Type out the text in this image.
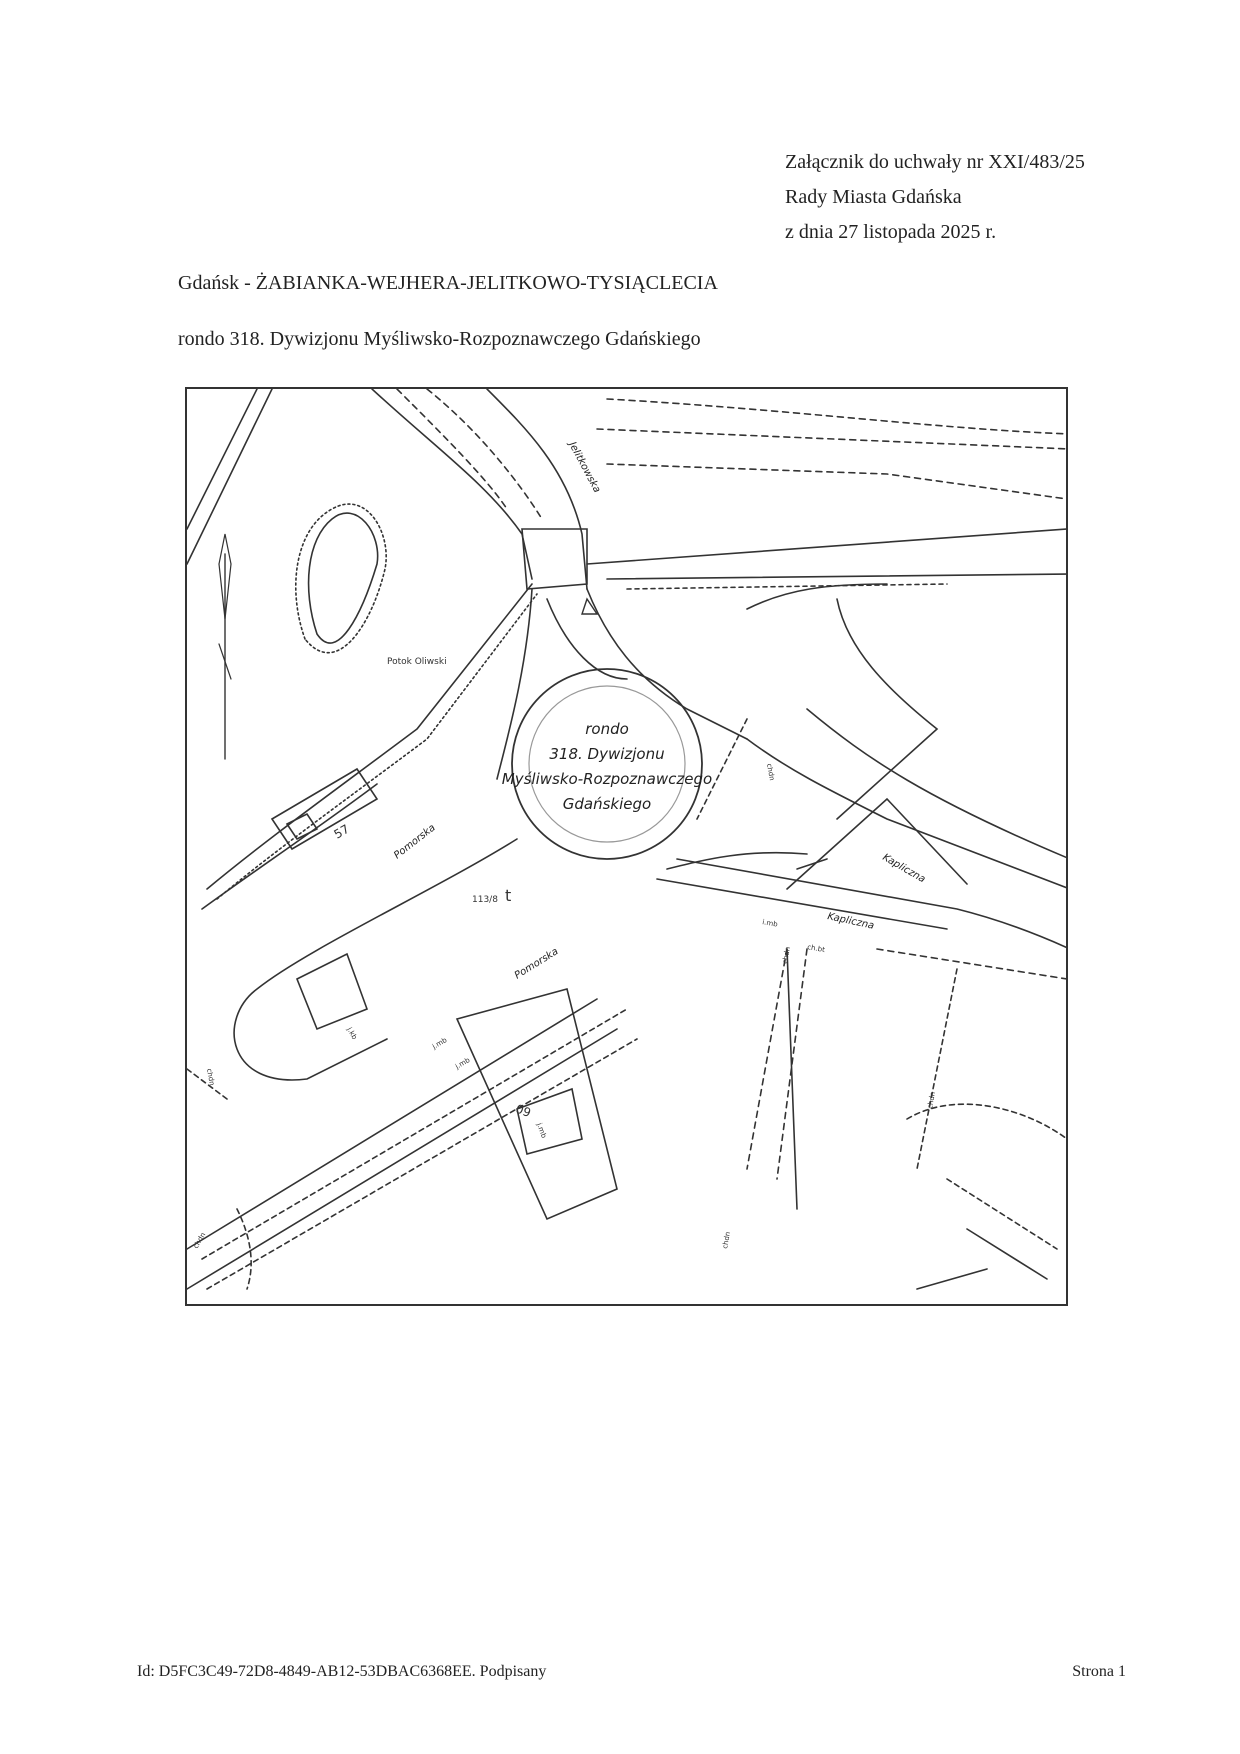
Załącznik do uchwały nr XXI/483/25
Rady Miasta Gdańska
z dnia 27 listopada 2025 r.
Gdańsk - ŻABIANKA-WEJHERA-JELITKOWO-TYSIĄCLECIA
rondo 318. Dywizjonu Myśliwsko-Rozpoznawczego Gdańskiego
rondo
318. Dywizjonu
Myśliwsko-Rozpoznawczego
Gdańskiego
Pomorska
Pomorska
Jelitkowska
Kapliczna
Kapliczna
Potok Oliwski
113/8 t
57
60
chdn
chdn
chdn
chdn
chdn	chdn
j.mb
j.mb
j.mb
i.mb
ch.bt
j.kb
Id: D5FC3C49-72D8-4849-AB12-53DBAC6368EE. Podpisany	Strona 1
